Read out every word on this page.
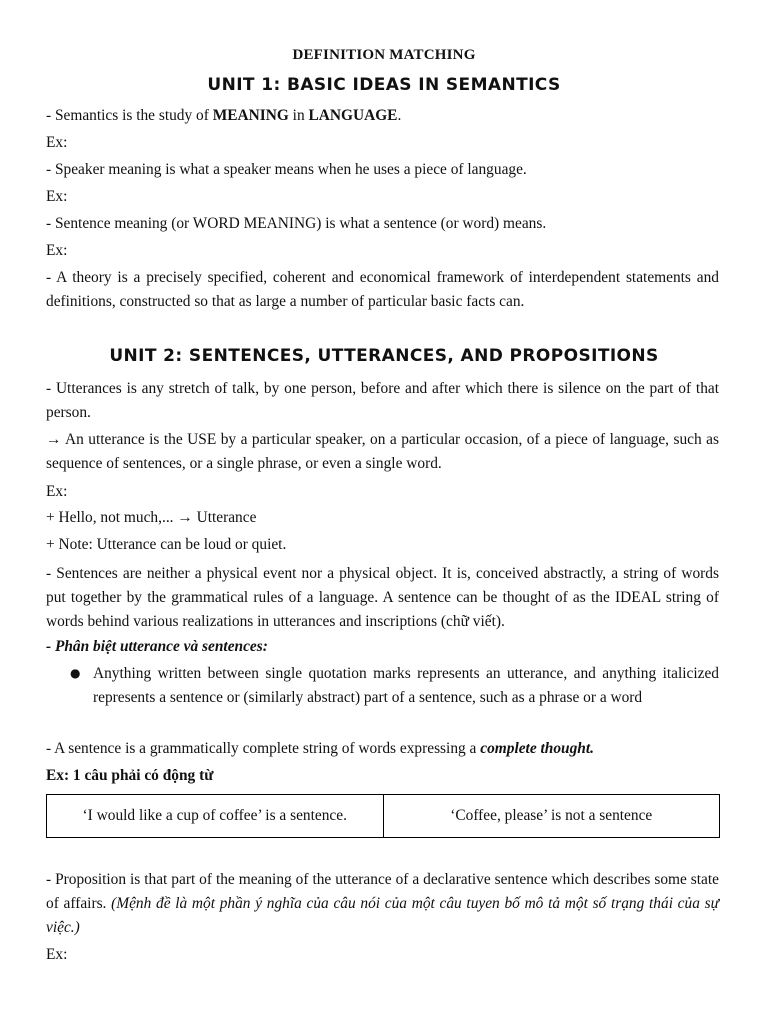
DEFINITION MATCHING
UNIT 1: BASIC IDEAS IN SEMANTICS
- Semantics is the study of MEANING in LANGUAGE.
Ex:
- Speaker meaning is what a speaker means when he uses a piece of language.
Ex:
- Sentence meaning (or WORD MEANING) is what a sentence (or word) means.
Ex:
- A theory is a precisely specified, coherent and economical framework of interdependent statements and definitions, constructed so that as large a number of particular basic facts can.
UNIT 2: SENTENCES, UTTERANCES, AND PROPOSITIONS
- Utterances is any stretch of talk, by one person, before and after which there is silence on the part of that person.
→ An utterance is the USE by a particular speaker, on a particular occasion, of a piece of language, such as sequence of sentences, or a single phrase, or even a single word.
Ex:
+ Hello, not much,... → Utterance
+ Note: Utterance can be loud or quiet.
- Sentences are neither a physical event nor a physical object. It is, conceived abstractly, a string of words put together by the grammatical rules of a language. A sentence can be thought of as the IDEAL string of words behind various realizations in utterances and inscriptions (chữ viết).
- Phân biệt utterance và sentences:
● Anything written between single quotation marks represents an utterance, and anything italicized represents a sentence or (similarly abstract) part of a sentence, such as a phrase or a word
- A sentence is a grammatically complete string of words expressing a complete thought.
Ex: 1 câu phải có động từ
‘I would like a cup of coffee’ is a sentence.	‘Coffee, please’ is not a sentence
- Proposition is that part of the meaning of the utterance of a declarative sentence which describes some state of affairs. (Mệnh đề là một phần ý nghĩa của câu nói của một câu tuyen bố mô tả một số trạng thái của sự việc.)
Ex:
